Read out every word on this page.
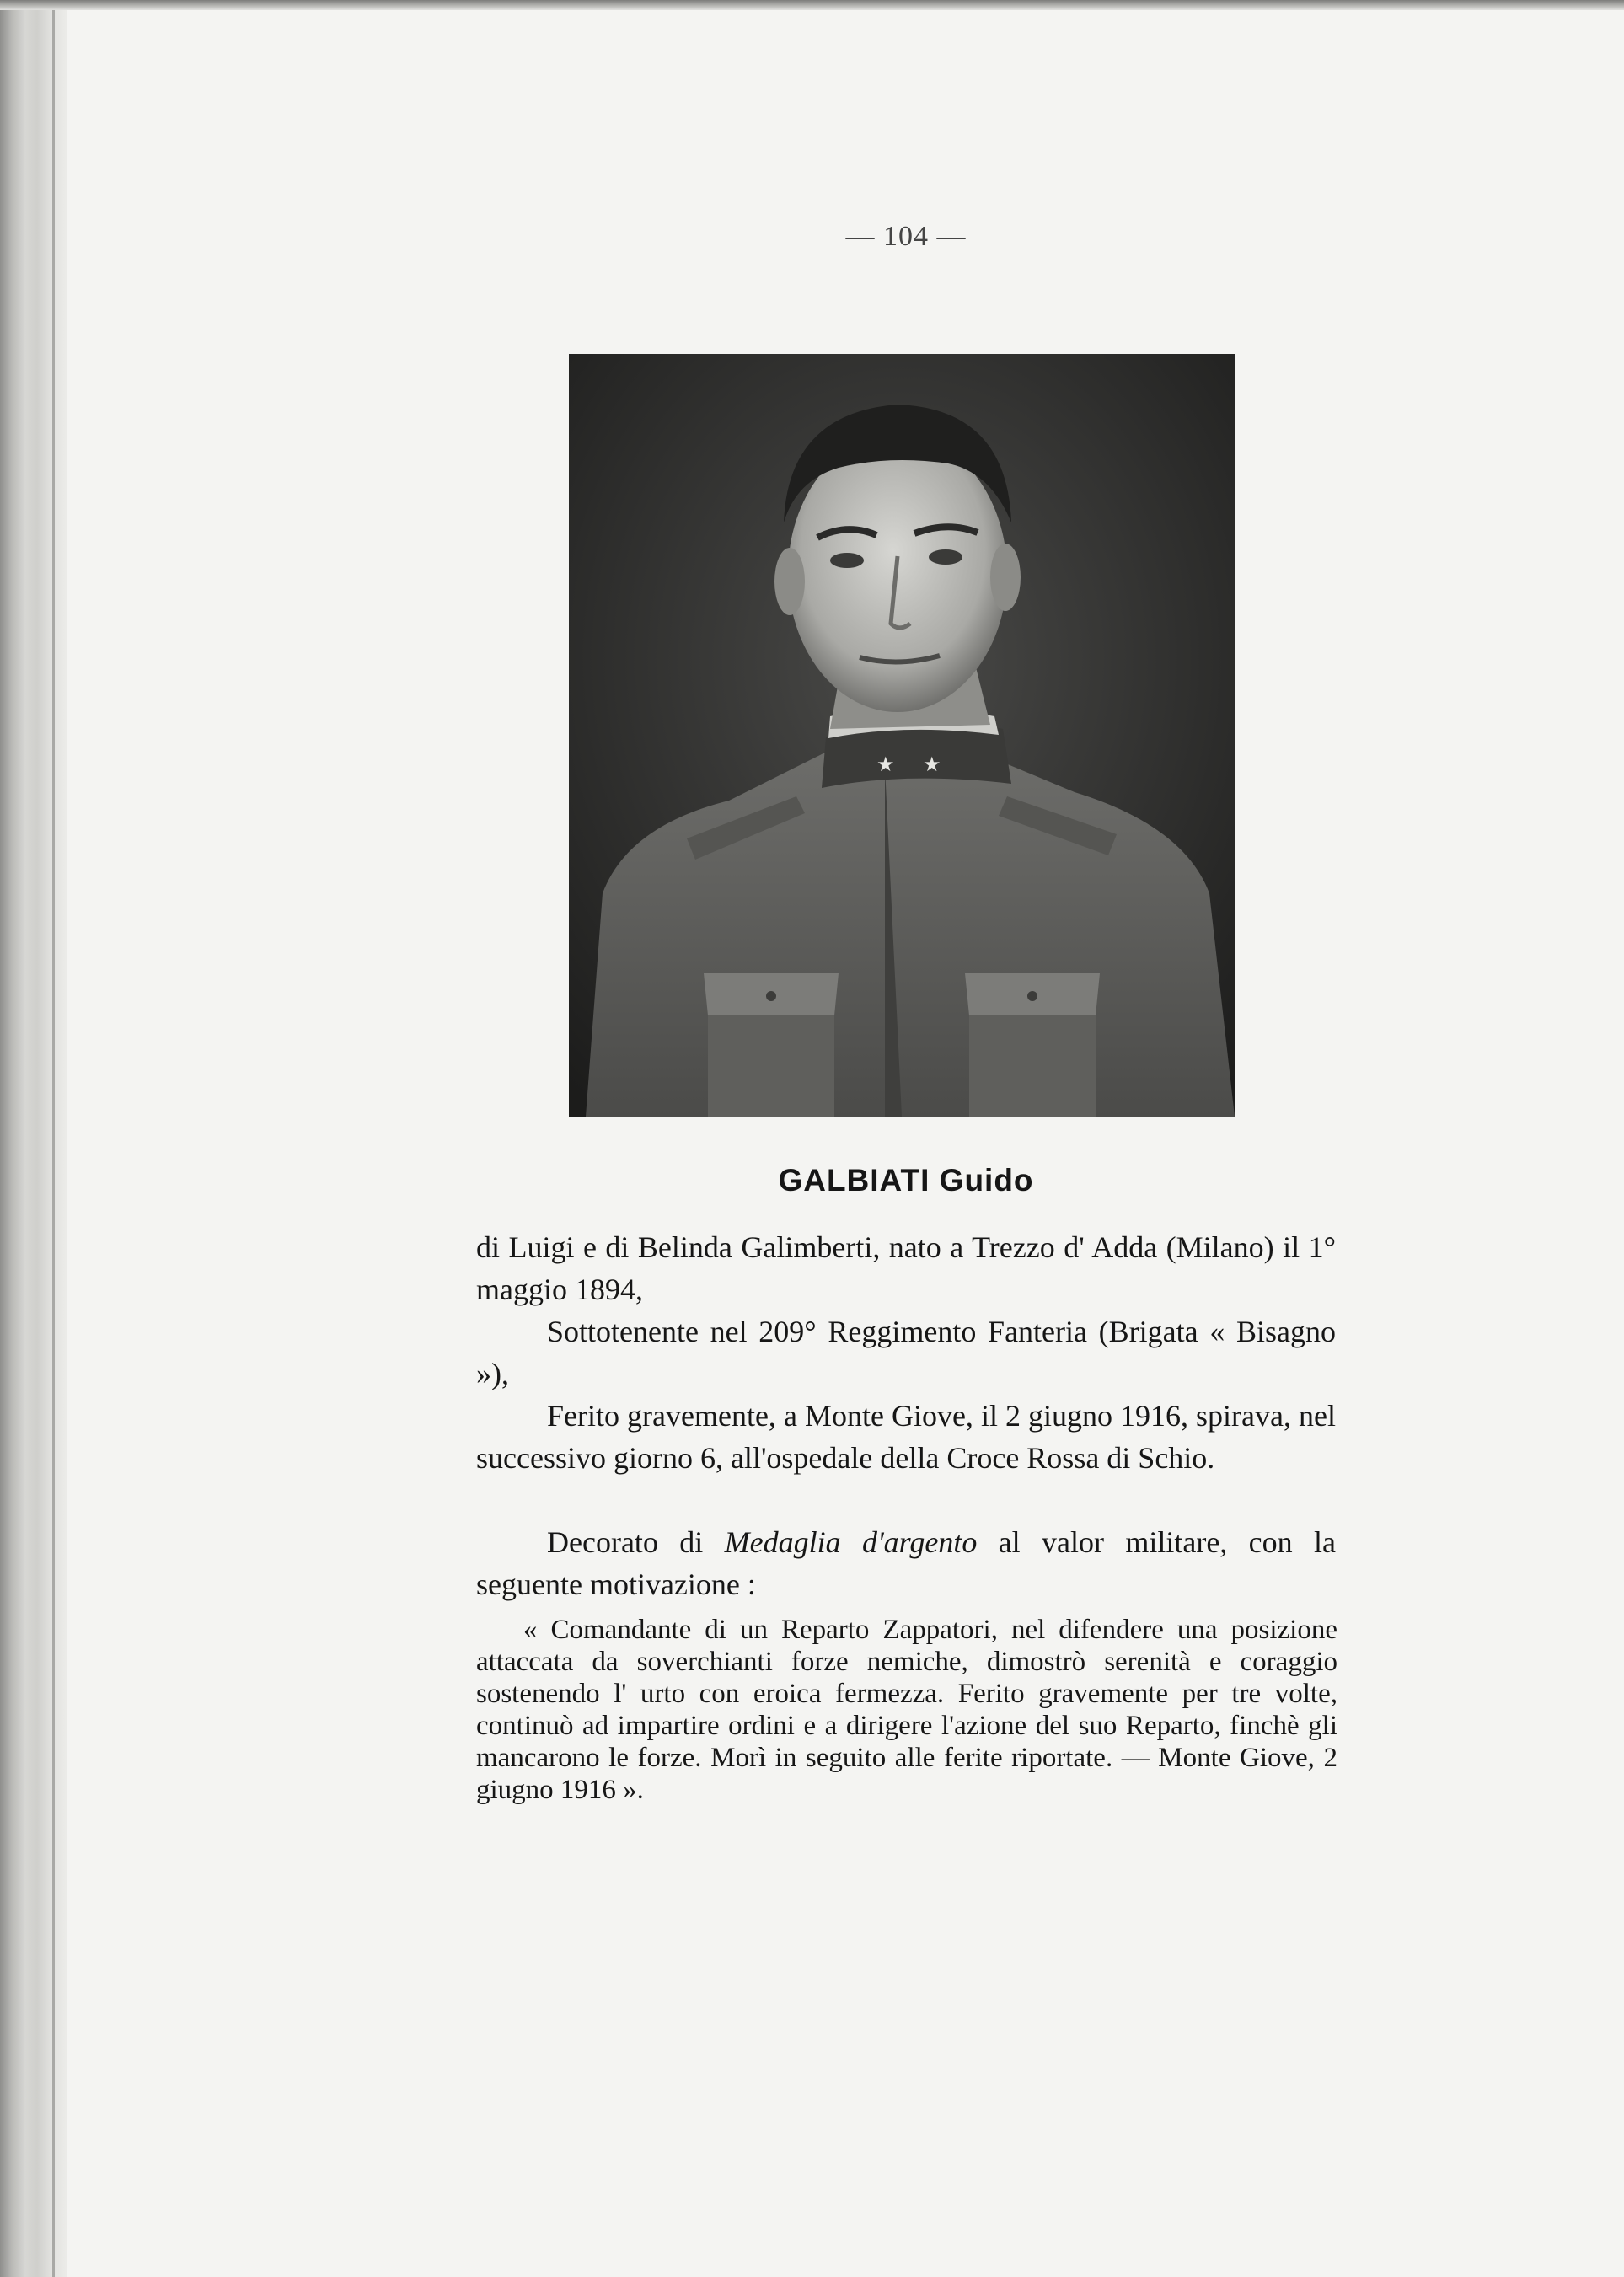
— 104 —
★ ★
GALBIATI Guido

di Luigi e di Belinda Galimberti, nato a Trezzo d' Adda (Milano) il 1° maggio 1894,

Sottotenente nel 209° Reggimento Fanteria (Brigata « Bisagno »),

Ferito gravemente, a Monte Giove, il 2 giugno 1916, spirava, nel successivo giorno 6, all'ospedale della Croce Rossa di Schio.

Decorato di Medaglia d'argento al valor militare, con la seguente motivazione :

« Comandante di un Reparto Zappatori, nel difendere una posizione attaccata da soverchianti forze nemiche, dimostrò serenità e coraggio sostenendo l' urto con eroica fermezza. Ferito gravemente per tre volte, continuò ad impartire ordini e a dirigere l'azione del suo Reparto, finchè gli mancarono le forze. Morì in seguito alle ferite riportate. — Monte Giove, 2 giugno 1916 ».
